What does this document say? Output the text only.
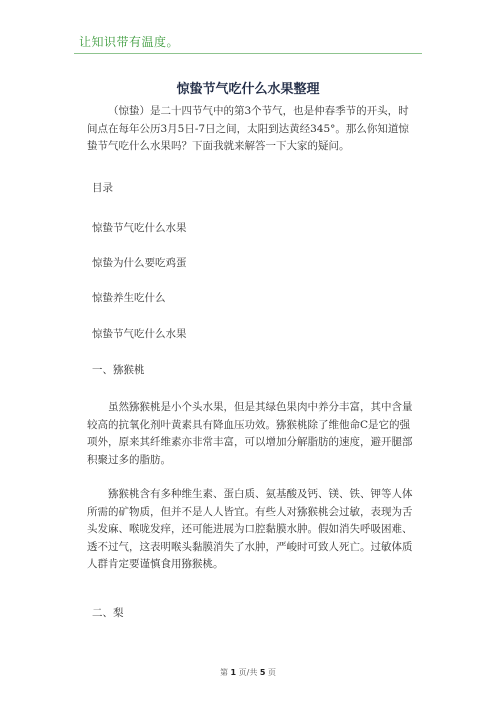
让知识带有温度。
惊蛰节气吃什么水果整理

（惊蛰）是二十四节气中的第3个节气，也是仲春季节的开头，时间点在每年公历3月5日-7日之间，太阳到达黄经345°。那么你知道惊蛰节气吃什么水果吗？下面我就来解答一下大家的疑问。

目录
惊蛰节气吃什么水果
惊蛰为什么要吃鸡蛋
惊蛰养生吃什么
惊蛰节气吃什么水果
一、猕猴桃

虽然猕猴桃是小个头水果，但是其绿色果肉中养分丰富，其中含量较高的抗氧化剂叶黄素具有降血压功效。猕猴桃除了维他命C是它的强项外，原来其纤维素亦非常丰富，可以增加分解脂肪的速度，避开腿部积聚过多的脂肪。

猕猴桃含有多种维生素、蛋白质、氨基酸及钙、镁、铁、钾等人体所需的矿物质，但并不是人人皆宜。有些人对猕猴桃会过敏，表现为舌头发麻、喉咙发痒，还可能进展为口腔黏膜水肿。假如消失呼吸困难、透不过气，这表明喉头黏膜消失了水肿，严峻时可致人死亡。过敏体质人群肯定要谨慎食用猕猴桃。

二、梨
第 1 页/共 5 页
